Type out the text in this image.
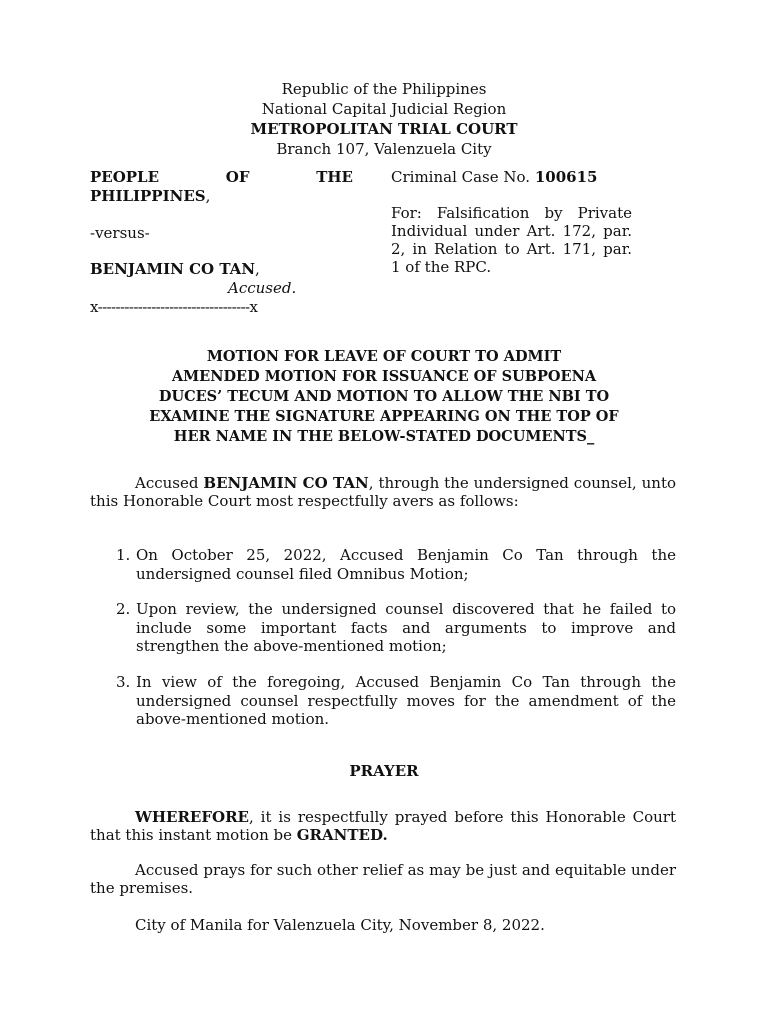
Republic of the Philippines
National Capital Judicial Region
METROPOLITAN TRIAL COURT
Branch 107, Valenzuela City
PEOPLE	OF	THE
PHILIPPINES,
-versus-
BENJAMIN CO TAN,
Accused.
x----------------------------------x
Criminal Case No. 100615
For: Falsification by Private Individual under Art. 172, par. 2, in Relation to Art. 171, par. 1 of the RPC.
MOTION FOR LEAVE OF COURT TO ADMIT
AMENDED MOTION FOR ISSUANCE OF SUBPOENA
DUCES’ TECUM AND MOTION TO ALLOW THE NBI TO
EXAMINE THE SIGNATURE APPEARING ON THE TOP OF
HER NAME IN THE BELOW-STATED DOCUMENTS_
Accused BENJAMIN CO TAN, through the undersigned counsel, unto this Honorable Court most respectfully avers as follows:
1. On October 25, 2022, Accused Benjamin Co Tan through the undersigned counsel filed Omnibus Motion;
2. Upon review, the undersigned counsel discovered that he failed to include some important facts and arguments to improve and strengthen the above-mentioned motion;
3. In view of the foregoing, Accused Benjamin Co Tan through the undersigned counsel respectfully moves for the amendment of the above-mentioned motion.
PRAYER
WHEREFORE, it is respectfully prayed before this Honorable Court that this instant motion be GRANTED.
Accused prays for such other relief as may be just and equitable under the premises.
City of Manila for Valenzuela City, November 8, 2022.
